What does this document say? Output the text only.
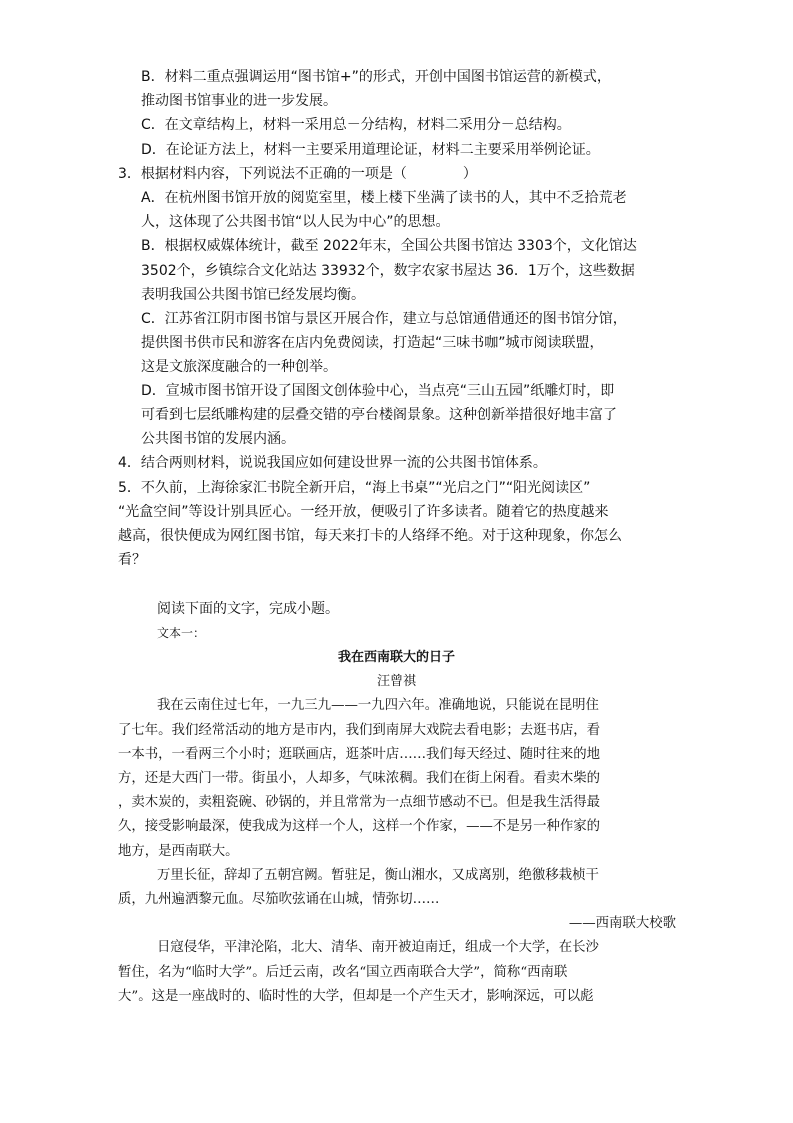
B．材料二重点强调运用“图书馆+”的形式，开创中国图书馆运营的新模式，
推动图书馆事业的进一步发展。
C．在文章结构上，材料一采用总－分结构，材料二采用分－总结构。
D．在论证方法上，材料一主要采用道理论证，材料二主要采用举例论证。
3．根据材料内容，下列说法不正确的一项是（　　　　）
A．在杭州图书馆开放的阅览室里，楼上楼下坐满了读书的人，其中不乏拾荒老
人，这体现了公共图书馆“以人民为中心”的思想。
B．根据权威媒体统计，截至 2022年末，全国公共图书馆达 3303个，文化馆达
3502个，乡镇综合文化站达 33932个，数字农家书屋达 36．1万个，这些数据
表明我国公共图书馆已经发展均衡。
C．江苏省江阴市图书馆与景区开展合作，建立与总馆通借通还的图书馆分馆，
提供图书供市民和游客在店内免费阅读，打造起“三味书咖”城市阅读联盟，
这是文旅深度融合的一种创举。
D．宣城市图书馆开设了国图文创体验中心，当点亮“三山五园”纸雕灯时，即
可看到七层纸雕构建的层叠交错的亭台楼阁景象。这种创新举措很好地丰富了
公共图书馆的发展内涵。
4．结合两则材料，说说我国应如何建设世界一流的公共图书馆体系。
5．不久前，上海徐家汇书院全新开启，“海上书桌”“光启之门”“阳光阅读区”
“光盒空间”等设计别具匠心。一经开放，便吸引了许多读者。随着它的热度越来
越高，很快便成为网红图书馆，每天来打卡的人络绎不绝。对于这种现象，你怎么
看？
阅读下面的文字，完成小题。
文本一：
我在西南联大的日子
汪曾祺
我在云南住过七年，一九三九——一九四六年。准确地说，只能说在昆明住
了七年。我们经常活动的地方是市内，我们到南屏大戏院去看电影；去逛书店，看
一本书，一看两三个小时；逛联画店，逛茶叶店……我们每天经过、随时往来的地
方，还是大西门一带。街虽小，人却多，气味浓稠。我们在街上闲看。看卖木柴的
，卖木炭的，卖粗瓷碗、砂锅的，并且常常为一点细节感动不已。但是我生活得最
久，接受影响最深，使我成为这样一个人，这样一个作家，——不是另一种作家的
地方，是西南联大。
万里长征，辞却了五朝宫阙。暂驻足，衡山湘水，又成离别，绝徼移栽桢干
质，九州遍洒黎元血。尽笳吹弦诵在山城，情弥切……
——西南联大校歌
日寇侵华，平津沦陷，北大、清华、南开被迫南迁，组成一个大学，在长沙
暂住，名为“临时大学”。后迁云南，改名“国立西南联合大学”，简称“西南联
大”。这是一座战时的、临时性的大学，但却是一个产生天才，影响深远，可以彪
